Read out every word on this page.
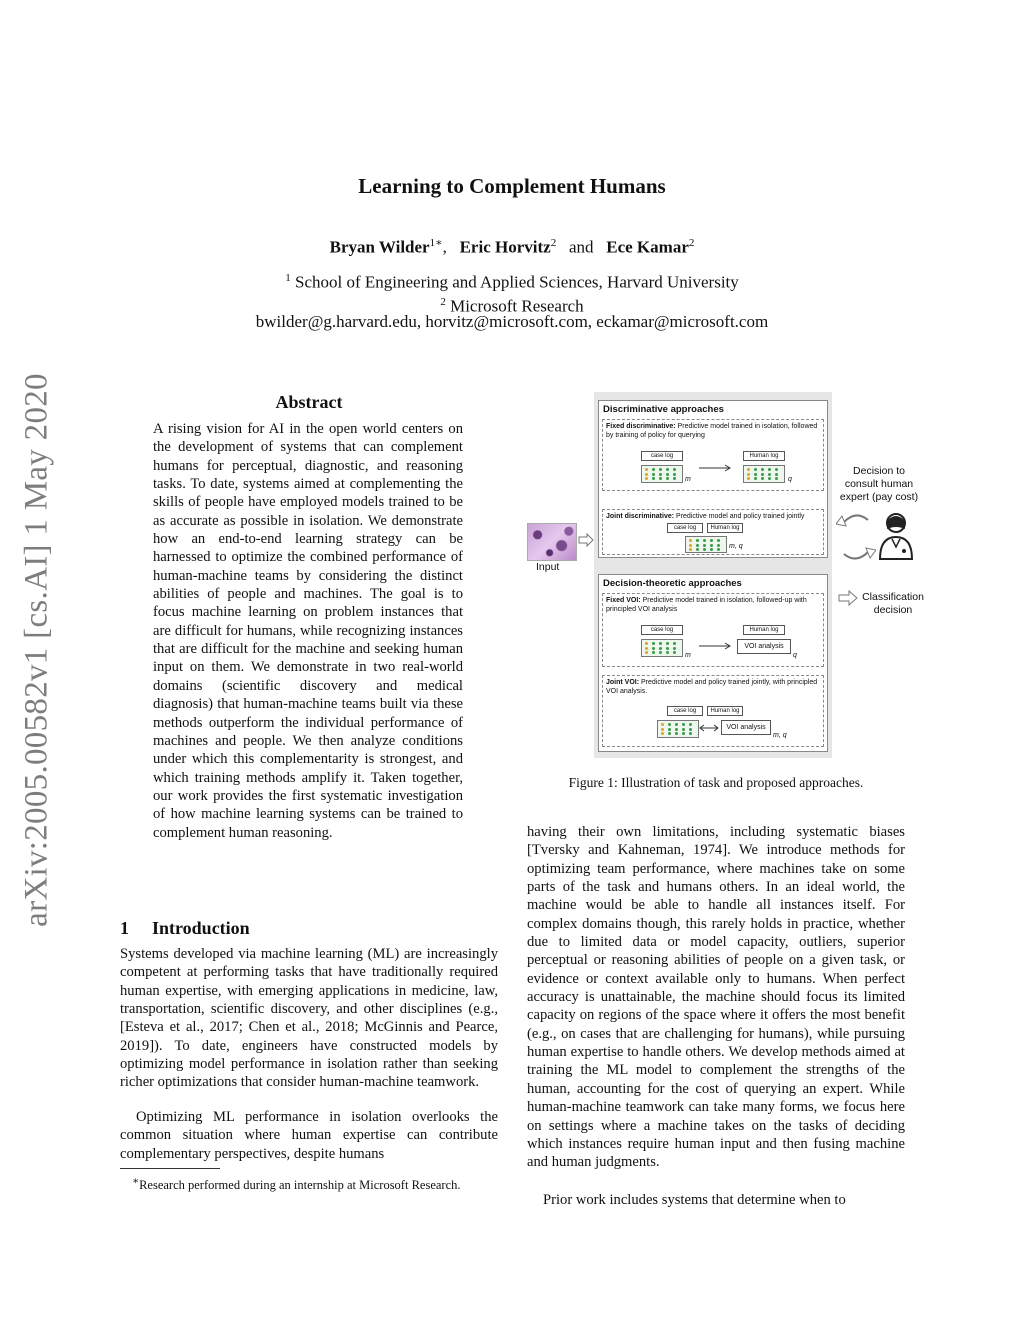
arXiv:2005.00582v1 [cs.AI] 1 May 2020
Learning to Complement Humans
Bryan Wilder$^{1∗}$, Eric Horvitz$^2$ and Ece Kamar$^2$
$^1$ School of Engineering and Applied Sciences, Harvard University
$^2$ Microsoft Research
bwilder@g.harvard.edu, horvitz@microsoft.com, eckamar@microsoft.com
Abstract
A rising vision for AI in the open world centers on the development of systems that can complement humans for perceptual, diagnostic, and reasoning tasks. To date, systems aimed at complementing the skills of people have employed models trained to be as accurate as possible in isolation. We demonstrate how an end-to-end learning strategy can be harnessed to optimize the combined performance of human-machine teams by considering the distinct abilities of people and machines. The goal is to focus machine learning on problem instances that are difficult for humans, while recognizing instances that are difficult for the machine and seeking human input on them. We demonstrate in two real-world domains (scientific discovery and medical diagnosis) that human-machine teams built via these methods outperform the individual performance of machines and people. We then analyze conditions under which this complementarity is strongest, and which training methods amplify it. Taken together, our work provides the first systematic investigation of how machine learning systems can be trained to complement human reasoning.
1 Introduction
Systems developed via machine learning (ML) are increasingly competent at performing tasks that have traditionally required human expertise, with emerging applications in medicine, law, transportation, scientific discovery, and other disciplines (e.g., [Esteva et al., 2017; Chen et al., 2018; McGinnis and Pearce, 2019]). To date, engineers have constructed models by optimizing model performance in isolation rather than seeking richer optimizations that consider human-machine teamwork.
Optimizing ML performance in isolation overlooks the common situation where human expertise can contribute complementary perspectives, despite humans
∗Research performed during an internship at Microsoft Research.
having their own limitations, including systematic biases [Tversky and Kahneman, 1974]. We introduce methods for optimizing team performance, where machines take on some parts of the task and humans others. In an ideal world, the machine would be able to handle all instances itself. For complex domains though, this rarely holds in practice, whether due to limited data or model capacity, outliers, superior perceptual or reasoning abilities of people on a given task, or evidence or context available only to humans. When perfect accuracy is unattainable, the machine should focus its limited capacity on regions of the space where it offers the most benefit (e.g., on cases that are challenging for humans), while pursuing human expertise to handle others. We develop methods aimed at training the ML model to complement the strengths of the human, accounting for the cost of querying an expert. While human-machine teamwork can take many forms, we focus here on settings where a machine takes on the tasks of deciding which instances require human input and then fusing machine and human judgments.
Prior work includes systems that determine when to
Figure 1: Illustration of task and proposed approaches.
Input
Discriminative approaches
Fixed discriminative: Predictive model trained in isolation, followed by training of policy for querying
case log
m
Human log
q
Joint discriminative: Predictive model and policy trained jointly
case log	Human log
m, q
Decision-theoretic approaches
Fixed VOI: Predictive model trained in isolation, followed-up with principled VOI analysis
case log
m
Human log
VOI analysis
q
Joint VOI: Predictive model and policy trained jointly, with principled VOI analysis.
case log	Human log
VOI analysis
m, q
Decision to consult human expert (pay cost)
Classification decision
